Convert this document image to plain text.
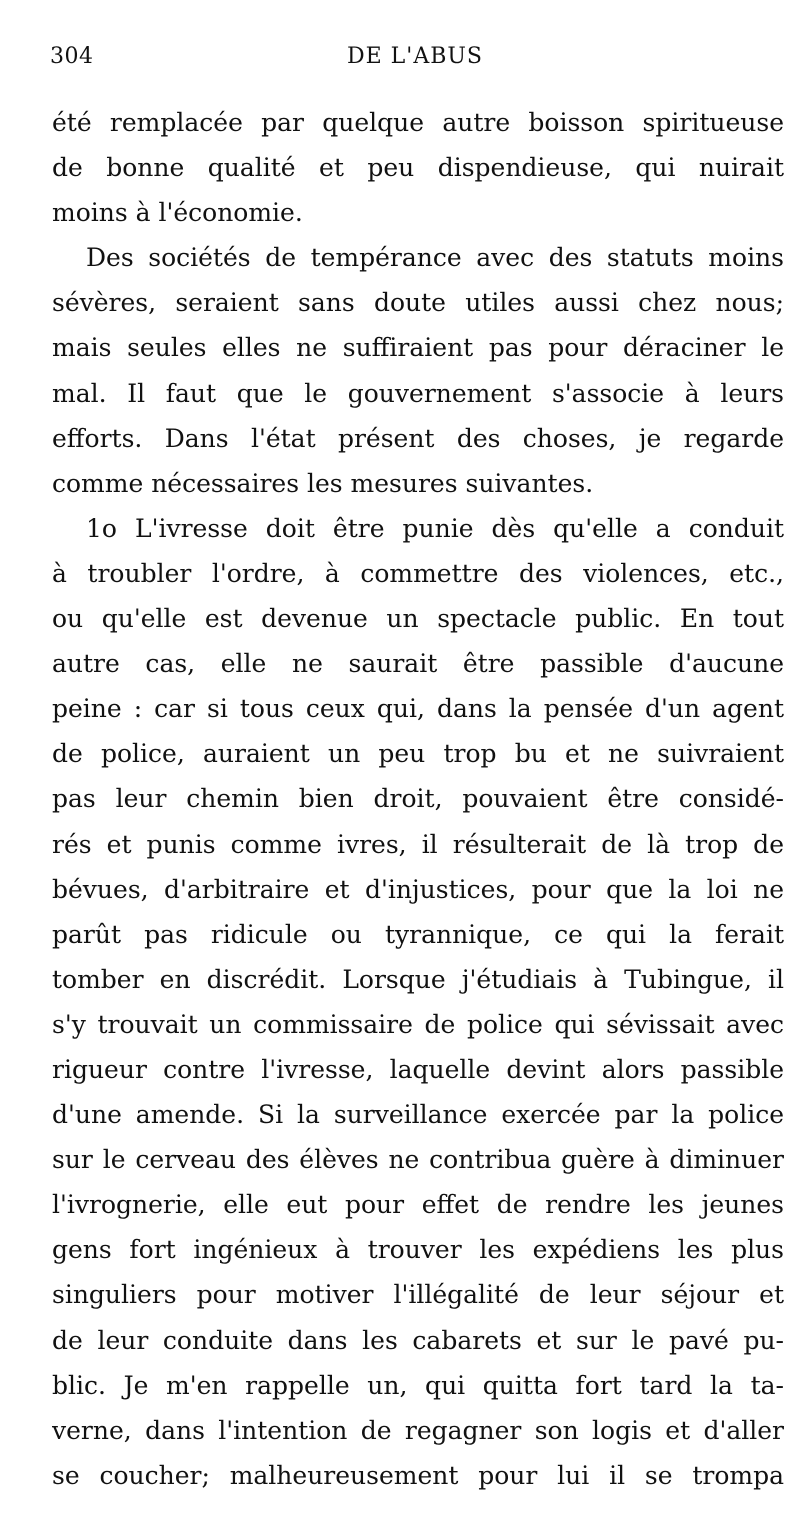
304	DE L'ABUS
été remplacée par quelque autre boisson spiritueuse
de bonne qualité et peu dispendieuse, qui nuirait
moins à l'économie.
Des sociétés de tempérance avec des statuts moins
sévères, seraient sans doute utiles aussi chez nous;
mais seules elles ne suffiraient pas pour déraciner le
mal. Il faut que le gouvernement s'associe à leurs
efforts. Dans l'état présent des choses, je regarde
comme nécessaires les mesures suivantes.
1o L'ivresse doit être punie dès qu'elle a conduit
à troubler l'ordre, à commettre des violences, etc.,
ou qu'elle est devenue un spectacle public. En tout
autre cas, elle ne saurait être passible d'aucune
peine : car si tous ceux qui, dans la pensée d'un agent
de police, auraient un peu trop bu et ne suivraient
pas leur chemin bien droit, pouvaient être considé-
rés et punis comme ivres, il résulterait de là trop de
bévues, d'arbitraire et d'injustices, pour que la loi ne
parût pas ridicule ou tyrannique, ce qui la ferait
tomber en discrédit. Lorsque j'étudiais à Tubingue, il
s'y trouvait un commissaire de police qui sévissait avec
rigueur contre l'ivresse, laquelle devint alors passible
d'une amende. Si la surveillance exercée par la police
sur le cerveau des élèves ne contribua guère à diminuer
l'ivrognerie, elle eut pour effet de rendre les jeunes
gens fort ingénieux à trouver les expédiens les plus
singuliers pour motiver l'illégalité de leur séjour et
de leur conduite dans les cabarets et sur le pavé pu-
blic. Je m'en rappelle un, qui quitta fort tard la ta-
verne, dans l'intention de regagner son logis et d'aller
se coucher; malheureusement pour lui il se trompa
